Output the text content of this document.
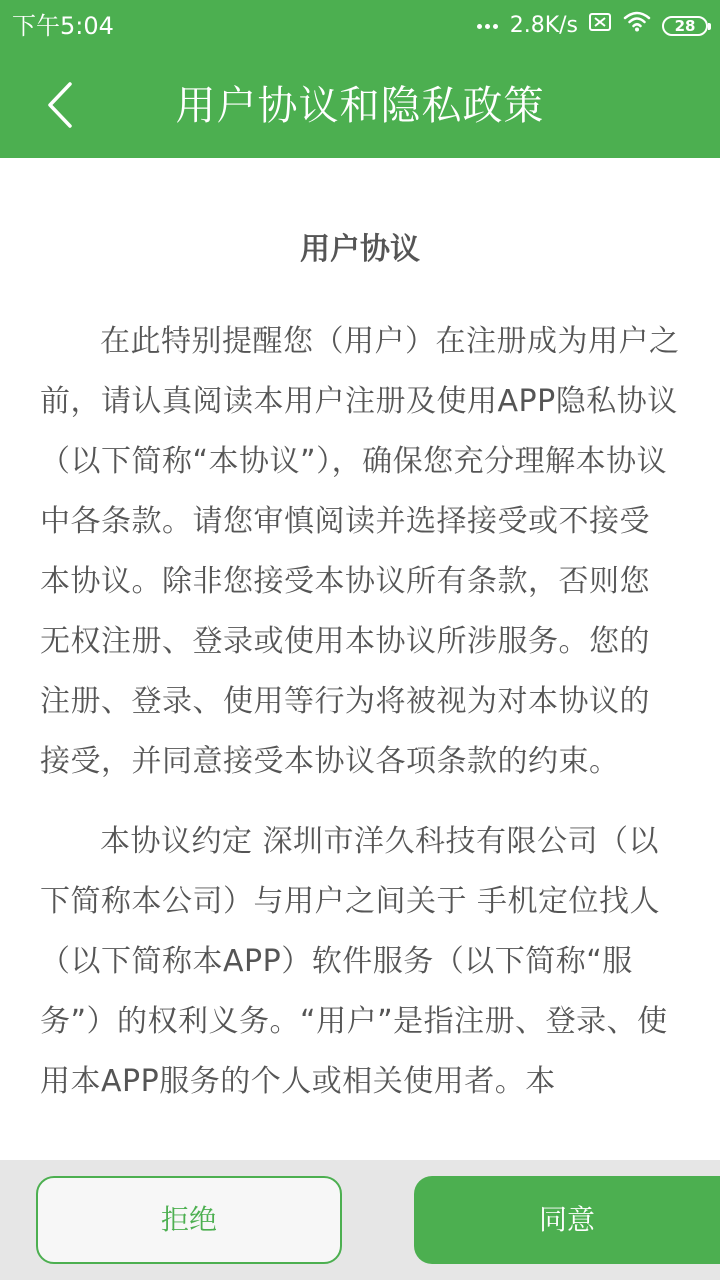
下午5:04	2.8K/s	28
用户协议和隐私政策
用户协议

在此特别提醒您（用户）在注册成为用户之前，请认真阅读本用户注册及使用APP隐私协议（以下简称“本协议”），确保您充分理解本协议中各条款。请您审慎阅读并选择接受或不接受本协议。除非您接受本协议所有条款，否则您无权注册、登录或使用本协议所涉服务。您的注册、登录、使用等行为将被视为对本协议的接受，并同意接受本协议各项条款的约束。

本协议约定 深圳市洋久科技有限公司（以下简称本公司）与用户之间关于 手机定位找人（以下简称本APP）软件服务（以下简称“服务”）的权利义务。“用户”是指注册、登录、使用本APP服务的个人或相关使用者。本

拒绝	同意
